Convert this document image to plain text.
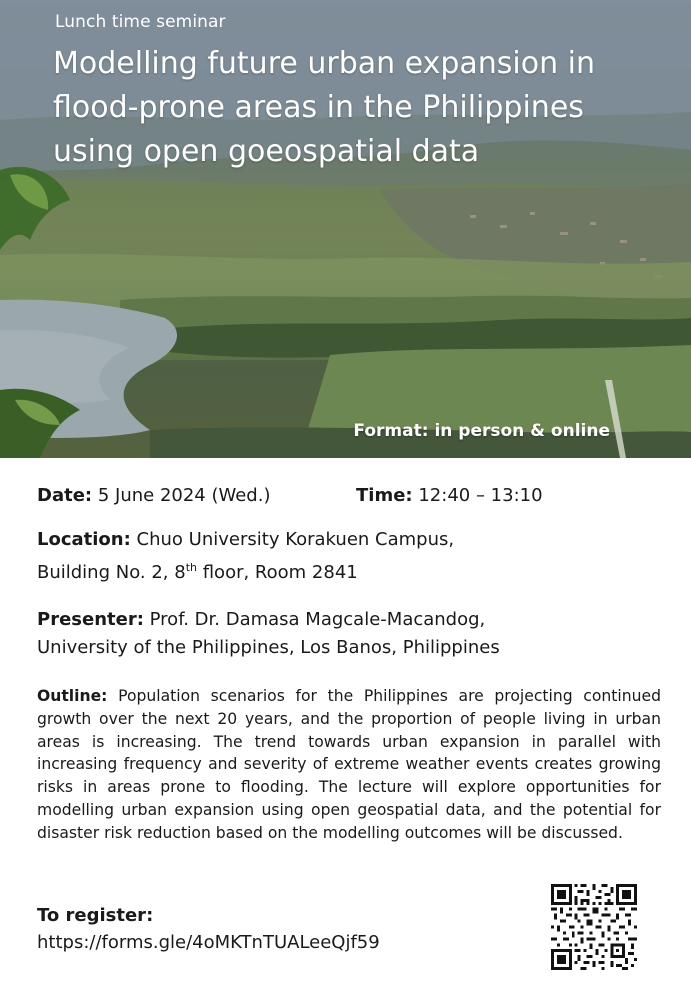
Lunch time seminar

Modelling future urban expansion in flood-prone areas in the Philippines using open goeospatial data

Format: in person & online

Date: 5 June 2024 (Wed.)	Time: 12:40 – 13:10

Location: Chuo University Korakuen Campus,

Building No. 2, 8th floor, Room 2841

Presenter: Prof. Dr. Damasa Magcale-Macandog,

University of the Philippines, Los Banos, Philippines

Outline: Population scenarios for the Philippines are projecting continued growth over the next 20 years, and the proportion of people living in urban areas is increasing. The trend towards urban expansion in parallel with increasing frequency and severity of extreme weather events creates growing risks in areas prone to flooding. The lecture will explore opportunities for modelling urban expansion using open geospatial data, and the potential for disaster risk reduction based on the modelling outcomes will be discussed.

To register:

https://forms.gle/4oMKTnTUALeeQjf59
